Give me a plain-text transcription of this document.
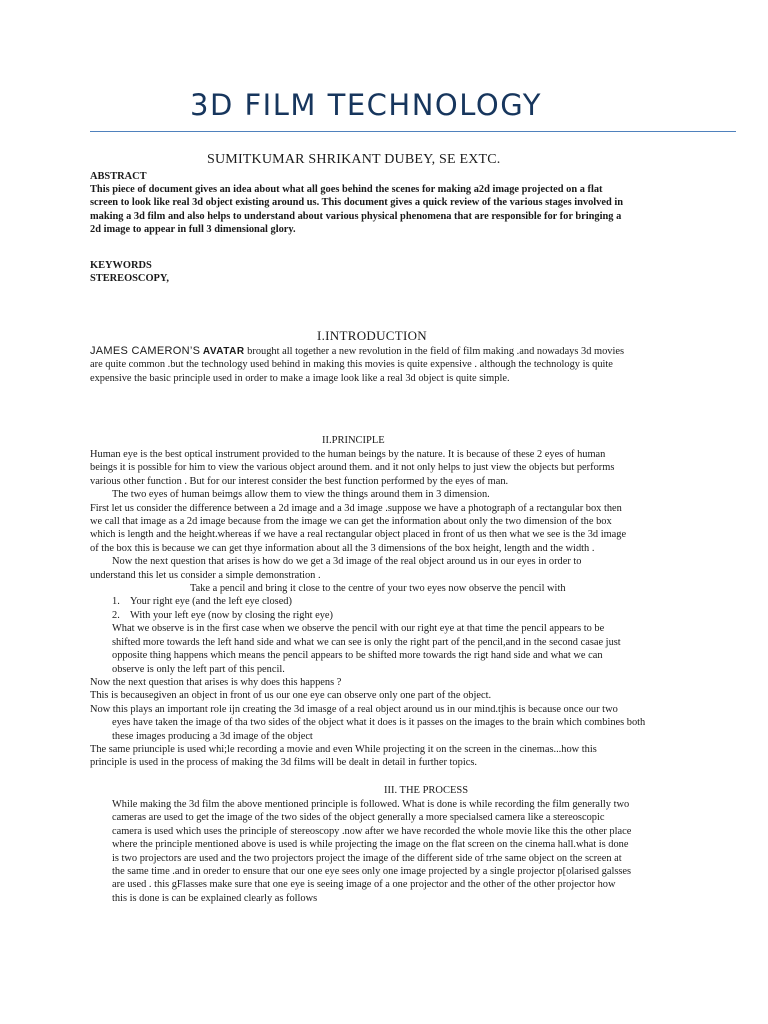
3D FILM TECHNOLOGY
SUMITKUMAR SHRIKANT DUBEY, SE EXTC.
ABSTRACT

This piece of document gives an idea about what all goes behind the scenes for making a2d image projected on a flat

screen to look like real 3d object existing around us. This document gives a quick review of the various stages involved in

making a 3d film and also helps to understand about various physical phenomena that are responsible for for bringing a

2d image to appear in full 3 dimensional glory.

KEYWORDS
STEREOSCOPY,
I.INTRODUCTION

JAMES CAMERON’S AVATAR brought all together a new revolution in the field of film making .and nowadays 3d movies

are quite common .but the technology used behind in making this movies is quite expensive . although the technology is quite

expensive the basic principle used in order to make a image look like a real 3d object is quite simple.

II.PRINCIPLE

Human eye is the best optical instrument provided to the human beings by the nature. It is because of these 2 eyes of human

beings it is possible for him to view the various object around them. and it not only helps to just view the objects but performs

various other function . But for our interest consider the best function performed by the eyes of man.

The two eyes of human beimgs allow them to view the things around them in 3 dimension.

First let us consider the difference between a 2d image and a 3d image .suppose we have a photograph of a rectangular box then

we call that image as a 2d image because from the image we can get the information about only the two dimension of the box

which is length and the height.whereas if we have a real rectangular object placed in front of us then what we see is the 3d image

of the box this is because we can get thye information about all the 3 dimensions of the box height, length and the width .

Now the next question that arises is how do we get a 3d image of the real object around us in our eyes in order to

understand this let us consider a simple demonstration .

Take a pencil and bring it close to the centre of your two eyes now observe the pencil with

1. Your right eye (and the left eye closed)

2. With your left eye (now by closing the right eye)

What we observe is in the first case when we observe the pencil with our right eye at that time the pencil appears to be

shifted more towards the left hand side and what we can see is only the right part of the pencil,and in the second casae just

opposite thing happens which means the pencil appears to be shifted more towards the rigt hand side and what we can

observe is only the left part of this pencil.

Now the next question that arises is why does this happens ?

This is becausegiven an object in front of us our one eye can observe only one part of the object.

Now this plays an important role ijn creating the 3d imasge of a real object around us in our mind.tjhis is because once our two

eyes have taken the image of tha two sides of the object what it does is it passes on the images to the brain which combines both

these images producing a 3d image of the object

The same priunciple is used whi;le recording a movie and even While projecting it on the screen in the cinemas...how this

principle is used in the process of making the 3d films will be dealt in detail in further topics.

III. THE PROCESS

While making the 3d film the above mentioned principle is followed. What is done is while recording the film generally two

cameras are used to get the image of the two sides of the object generally a more specialsed camera like a stereoscopic

camera is used which uses the principle of stereoscopy .now after we have recorded the whole movie like this the other place

where the principle mentioned above is used is while projecting the image on the flat screen on the cinema hall.what is done

is two projectors are used and the two projectors project the image of the different side of trhe same object on the screen at

the same time .and in oreder to ensure that our one eye sees only one image projected by a single projector p[olarised galsses

are used . this gFlasses make sure that one eye is seeing image of a one projector and the other of the other projector how

this is done is can be explained clearly as follows
